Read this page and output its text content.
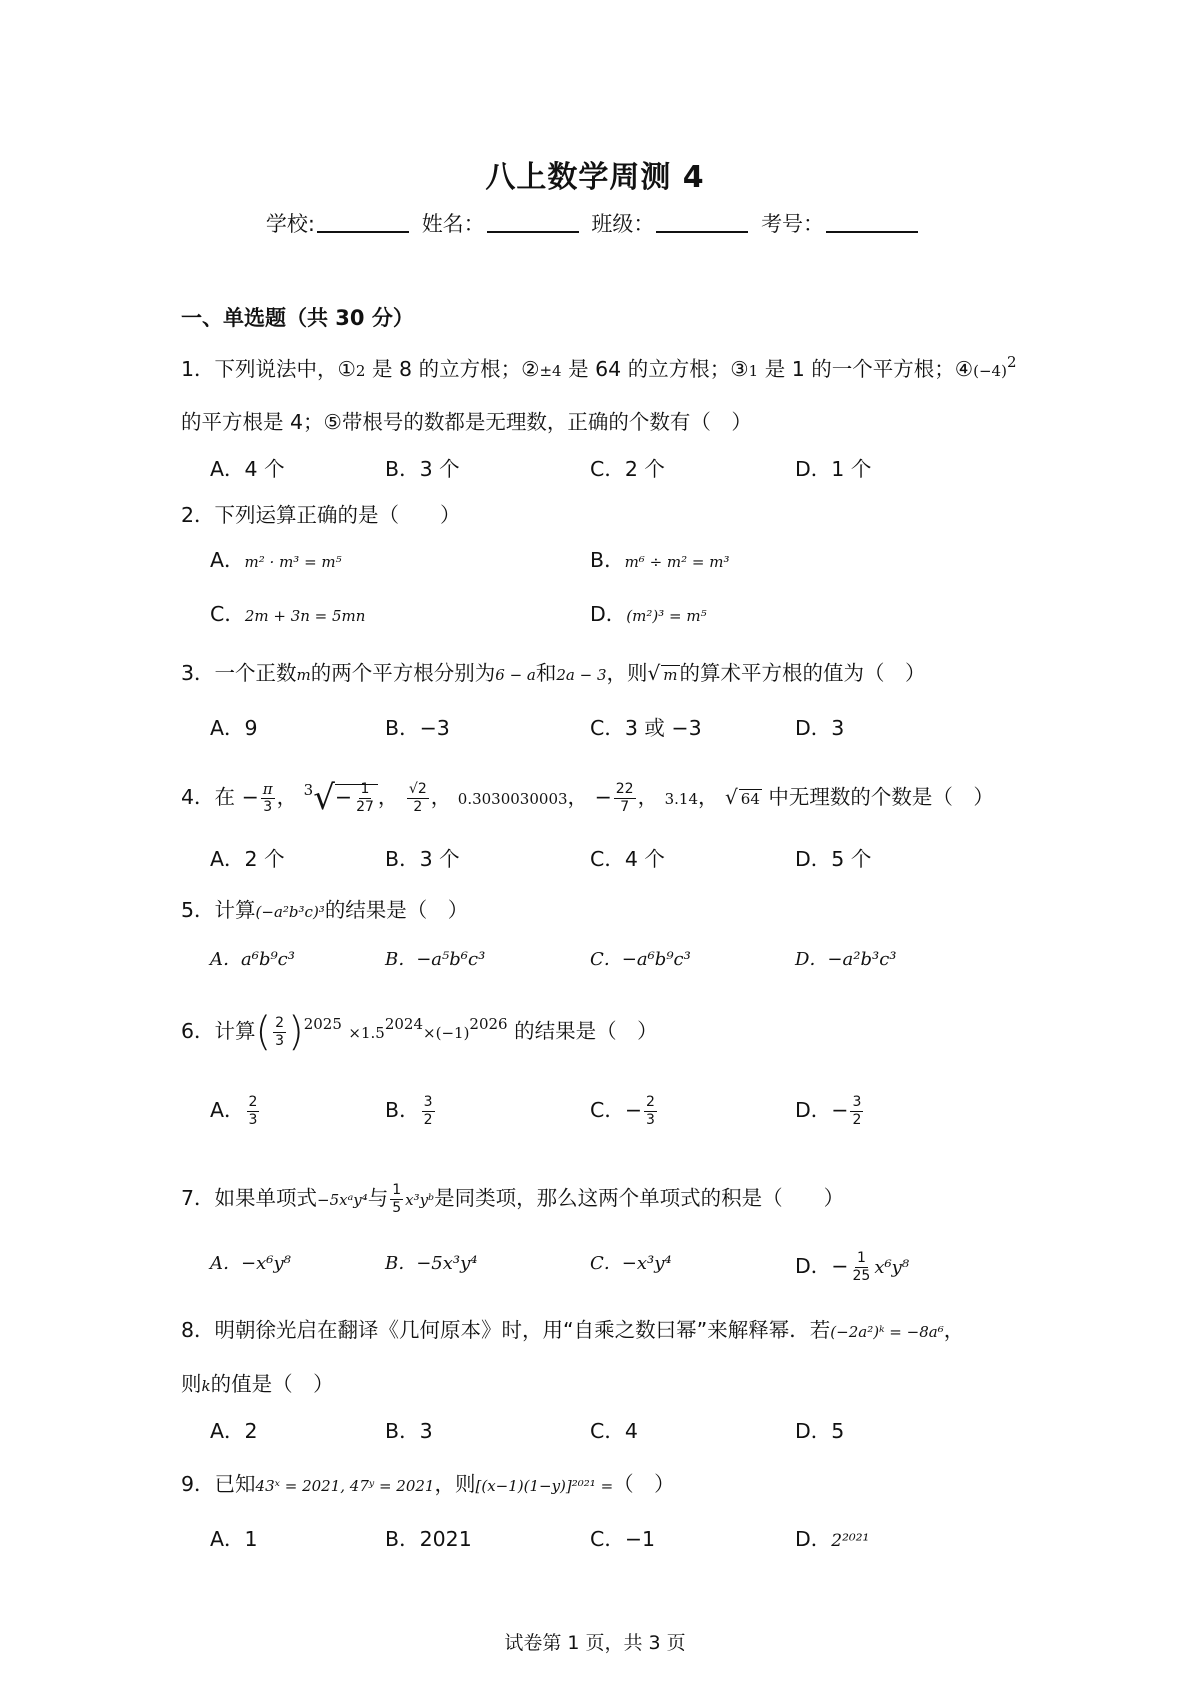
八上数学周测 4
学校:	姓名：	班级：	考号：
一、单选题（共 30 分）
1．下列说法中，①2 是 8 的立方根；②±4 是 64 的立方根；③1 是 1 的一个平方根；$④(-4)^2$
的平方根是 4；⑤带根号的数都是无理数，正确的个数有（　）
A．4 个	B．3 个	C．2 个	D．1 个
2．下列运算正确的是（　　）
A．m² · m³ = m⁵	B．m⁶ ÷ m² = m³
C．2m + 3n = 5mn	D．(m²)³ = m⁵
3．一个正数m的两个平方根分别为6 − a和2a − 3，则√ m的算术平方根的值为（　）
A．9	B．−3	C．3 或 −3	D．3
4．在 − $\frac{\pi}{3}$ ， $^3√- \frac{1}{27}$ ， $\frac{√2}{2}$ ， 0.3030030003， − $\frac{22}{7}$ ， 3.14， √ 64 中无理数的个数是（　）
A．2 个	B．3 个	C．4 个	D．5 个
5．计算(−a²b³c)³的结果是（　）
A．a⁶b⁹c³	B．−a⁵b⁶c³	C．−a⁶b⁹c³	D．−a²b³c³
6．计算( $\frac{2}{3} )^{2025} \times 1.5^{2024}\times(-1)^{2026}$ 的结果是（　）
A． $\frac{2}{3}$	B． $\frac{3}{2}$	C．− $\frac{2}{3}$	D．− $\frac{3}{2}$
7．如果单项式−5xᵃy⁴与 $\frac{1}{5}$ x³yᵇ是同类项，那么这两个单项式的积是（　　）
A．−x⁶y⁸	B．−5x³y⁴	C．−x³y⁴	D．− $\frac{1}{25} x^6y^8$
8．明朝徐光启在翻译《几何原本》时，用“自乘之数曰幂”来解释幂．若(−2a²)ᵏ = −8a⁶，
则k的值是（　）
A．2	B．3	C．4	D．5
9．已知43ˣ = 2021, 47ʸ = 2021，则[(x−1)(1−y)]²⁰²¹ =（　）
A．1	B．2021	C．−1	D．2²⁰²¹
试卷第 1 页，共 3 页
